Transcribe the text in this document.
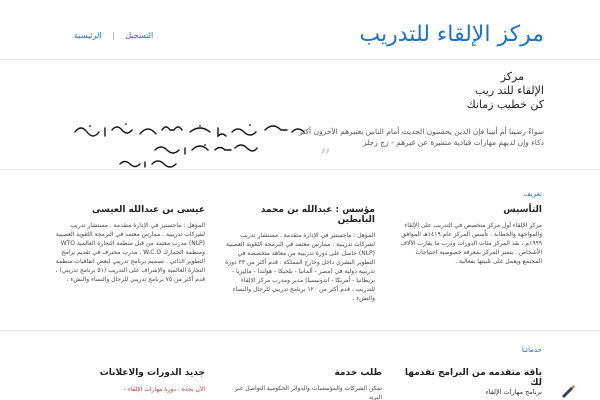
مركز الإلقاء للتدريب
التسجيل | الرئيسية
مركز
الإلقاء للتد ريب
كن خطيب زمانك
سواءً رضينا أم أبينا فإن الذين يحسنون الحديث أمام الناس يعتبرهم الآخرون أكثر ذكاء وإن لديهم مهارات قيادية متميزة عن غيرهم - زج زجلر
„
تعريف
التأسيس

مركز الإلقاء أول مركز متخصص في التدريب على الإلقاء والمواجهة والخطابة . تأسس المركز عام ١٤١٩هـ الموافق ١٩٩٩م . نفذ المركز مئات الدورات ودرب ما يقارب الآلاف الأشخاص . يتميز المركز بمعرفة خصوصية احتياجات المجتمع ويعمل على تلبيتها بفعالية .

مؤسس : عبدالله بن محمد البابطين

المؤهل : ماجستير في الإدارة متقدمة . مستشار تدريب لشركات تدريبية . ممارس معتمد في البرمجة اللغوية العصبية (NLP) حاصل على دورة تدريبية من معاهد متخصصة في التطوير البشري داخل وخارج المملكة . قدم أكثر من ٣٣ دورة تدريبية دولية في (مصر - ألمانيا - بلجيكا - هولندا - ماليزيا - بريطانيا - أمريكا - اندونيسيا) مدير ومدرب مركز الإلقاء للتدريب ، قدم أكثر من ١٢٠ برنامج تدريبي للرجال والنساء والنشء .

عيسى بن عبدالله العيسى

المؤهل : ماجستير في الإدارة متقدمة . مستشار تدريب لشركات تدريبية . ممارس معتمد في البرمجة اللغوية العصبية (NLP) مدرب معتمد من قبل منظمة التجارة العالمية WTO ومنظمة الجمارك W.C.O . مدرب محترف في تقديم برامج التطوير الذاتي . تصميم برنامج تدريبي لبعض اتفاقيات منظمة التجارة العالمية والإشراف على التدريب (٥١ برنامج تدريبي) ، قدم أكثر من ٧٥ برنامج تدريبي للرجال والنساء والنشء .

خدماتنا
باقة متقدمه من البرامج نقدمها لك
برنامج مهارات الإلقاء
طلب خدمة
تمكن الشركات والمؤسسات والدوائر الحكومية التواصل عبر البريد
جديد الدورات والاعلانات
الآن بجدة : دورة مهارات الإلقاء -
